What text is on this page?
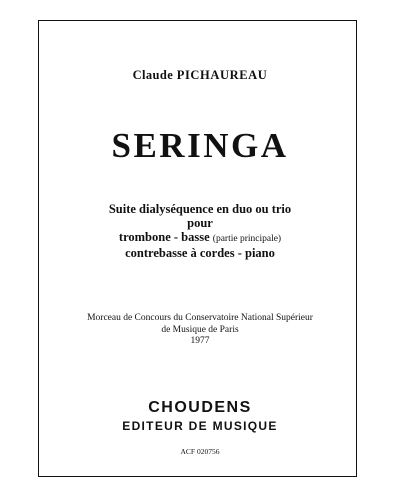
Claude PICHAUREAU
SERINGA
Suite dialyséquence en duo ou trio
pour
trombone - basse (partie principale)
contrebasse à cordes - piano
Morceau de Concours du Conservatoire National Supérieur
de Musique de Paris
1977
CHOUDENS
EDITEUR DE MUSIQUE
ACF 020756
